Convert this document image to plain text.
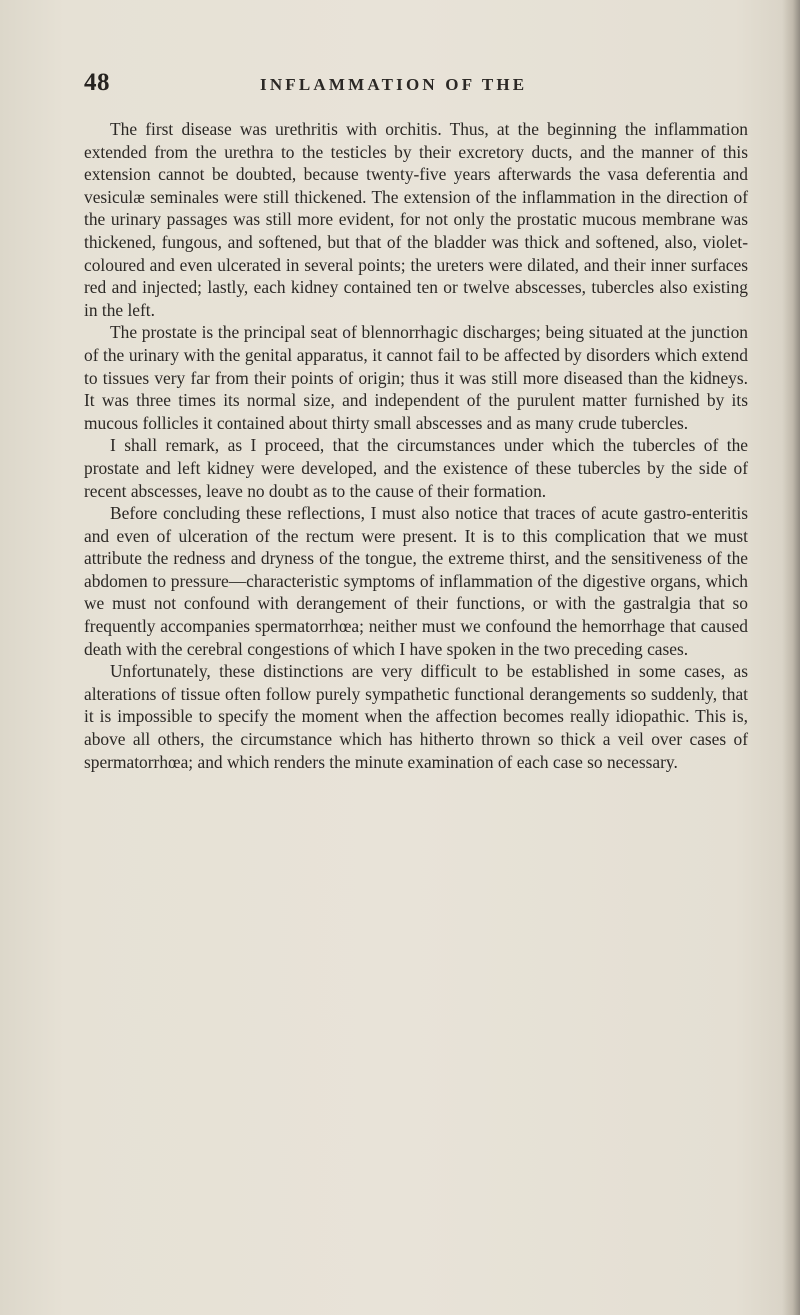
48	INFLAMMATION OF THE

The first disease was urethritis with orchitis. Thus, at the beginning the inflammation extended from the urethra to the testicles by their excretory ducts, and the manner of this extension cannot be doubted, because twenty-five years afterwards the vasa deferentia and vesiculæ seminales were still thickened. The extension of the inflammation in the direction of the urinary passages was still more evident, for not only the prostatic mucous membrane was thickened, fungous, and softened, but that of the bladder was thick and softened, also, violet-coloured and even ulcerated in several points; the ureters were dilated, and their inner surfaces red and injected; lastly, each kidney contained ten or twelve abscesses, tubercles also existing in the left.

The prostate is the principal seat of blennorrhagic discharges; being situated at the junction of the urinary with the genital apparatus, it cannot fail to be affected by disorders which extend to tissues very far from their points of origin; thus it was still more diseased than the kidneys. It was three times its normal size, and independent of the purulent matter furnished by its mucous follicles it contained about thirty small abscesses and as many crude tubercles.

I shall remark, as I proceed, that the circumstances under which the tubercles of the prostate and left kidney were developed, and the existence of these tubercles by the side of recent abscesses, leave no doubt as to the cause of their formation.

Before concluding these reflections, I must also notice that traces of acute gastro-enteritis and even of ulceration of the rectum were present. It is to this complication that we must attribute the redness and dryness of the tongue, the extreme thirst, and the sensitiveness of the abdomen to pressure—characteristic symptoms of inflammation of the digestive organs, which we must not confound with derangement of their functions, or with the gastralgia that so frequently accompanies spermatorrhœa; neither must we confound the hemorrhage that caused death with the cerebral congestions of which I have spoken in the two preceding cases.

Unfortunately, these distinctions are very difficult to be established in some cases, as alterations of tissue often follow purely sympathetic functional derangements so suddenly, that it is impossible to specify the moment when the affection becomes really idiopathic. This is, above all others, the circumstance which has hitherto thrown so thick a veil over cases of spermatorrhœa; and which renders the minute examination of each case so necessary.
